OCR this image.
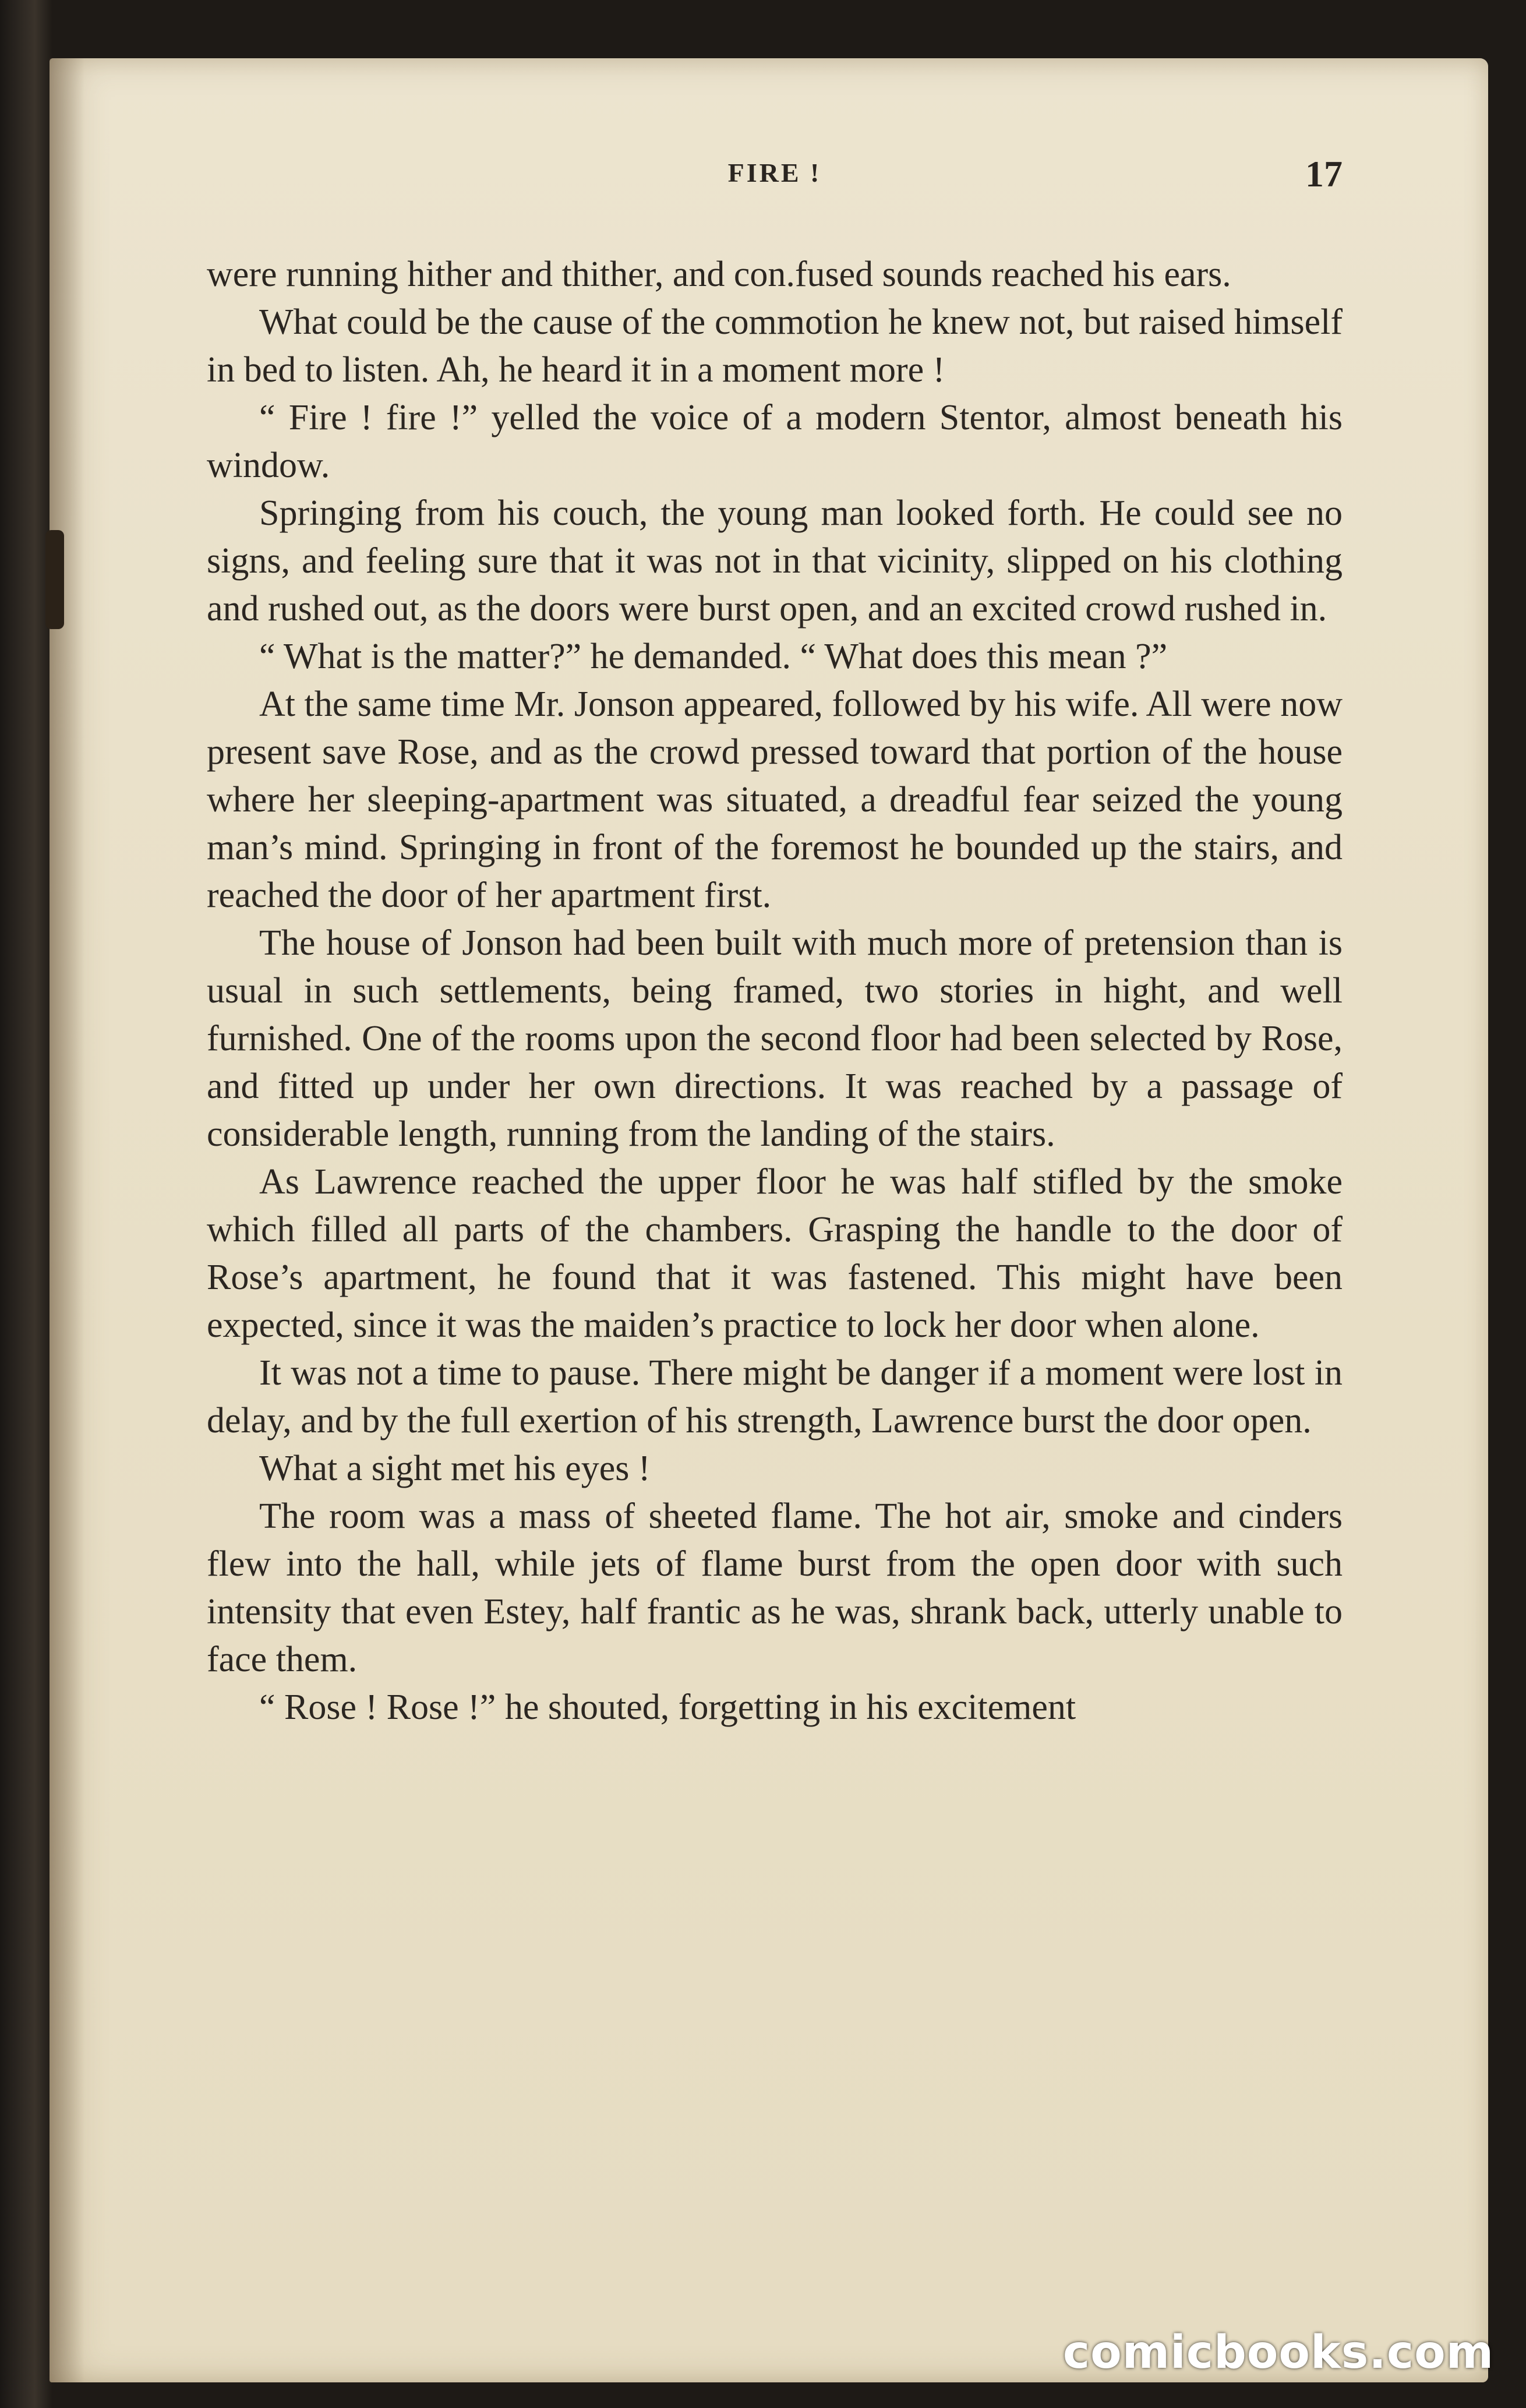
FIRE !	17

were running hither and thither, and con.fused sounds reached his ears.

What could be the cause of the commotion he knew not, but raised himself in bed to listen. Ah, he heard it in a moment more !

“ Fire ! fire !” yelled the voice of a modern Stentor, almost beneath his window.

Springing from his couch, the young man looked forth. He could see no signs, and feeling sure that it was not in that vicinity, slipped on his clothing and rushed out, as the doors were burst open, and an excited crowd rushed in.

“ What is the matter?” he demanded. “ What does this mean ?”

At the same time Mr. Jonson appeared, followed by his wife. All were now present save Rose, and as the crowd pressed toward that portion of the house where her sleeping-apartment was situated, a dreadful fear seized the young man’s mind. Springing in front of the foremost he bounded up the stairs, and reached the door of her apartment first.

The house of Jonson had been built with much more of pretension than is usual in such settlements, being framed, two stories in hight, and well furnished. One of the rooms upon the second floor had been selected by Rose, and fitted up under her own directions. It was reached by a passage of considerable length, running from the landing of the stairs.

As Lawrence reached the upper floor he was half stifled by the smoke which filled all parts of the chambers. Grasping the handle to the door of Rose’s apartment, he found that it was fastened. This might have been expected, since it was the maiden’s practice to lock her door when alone.

It was not a time to pause. There might be danger if a moment were lost in delay, and by the full exertion of his strength, Lawrence burst the door open.

What a sight met his eyes !

The room was a mass of sheeted flame. The hot air, smoke and cinders flew into the hall, while jets of flame burst from the open door with such intensity that even Estey, half frantic as he was, shrank back, utterly unable to face them.

“ Rose ! Rose !” he shouted, forgetting in his excitement

comicbooks.com
